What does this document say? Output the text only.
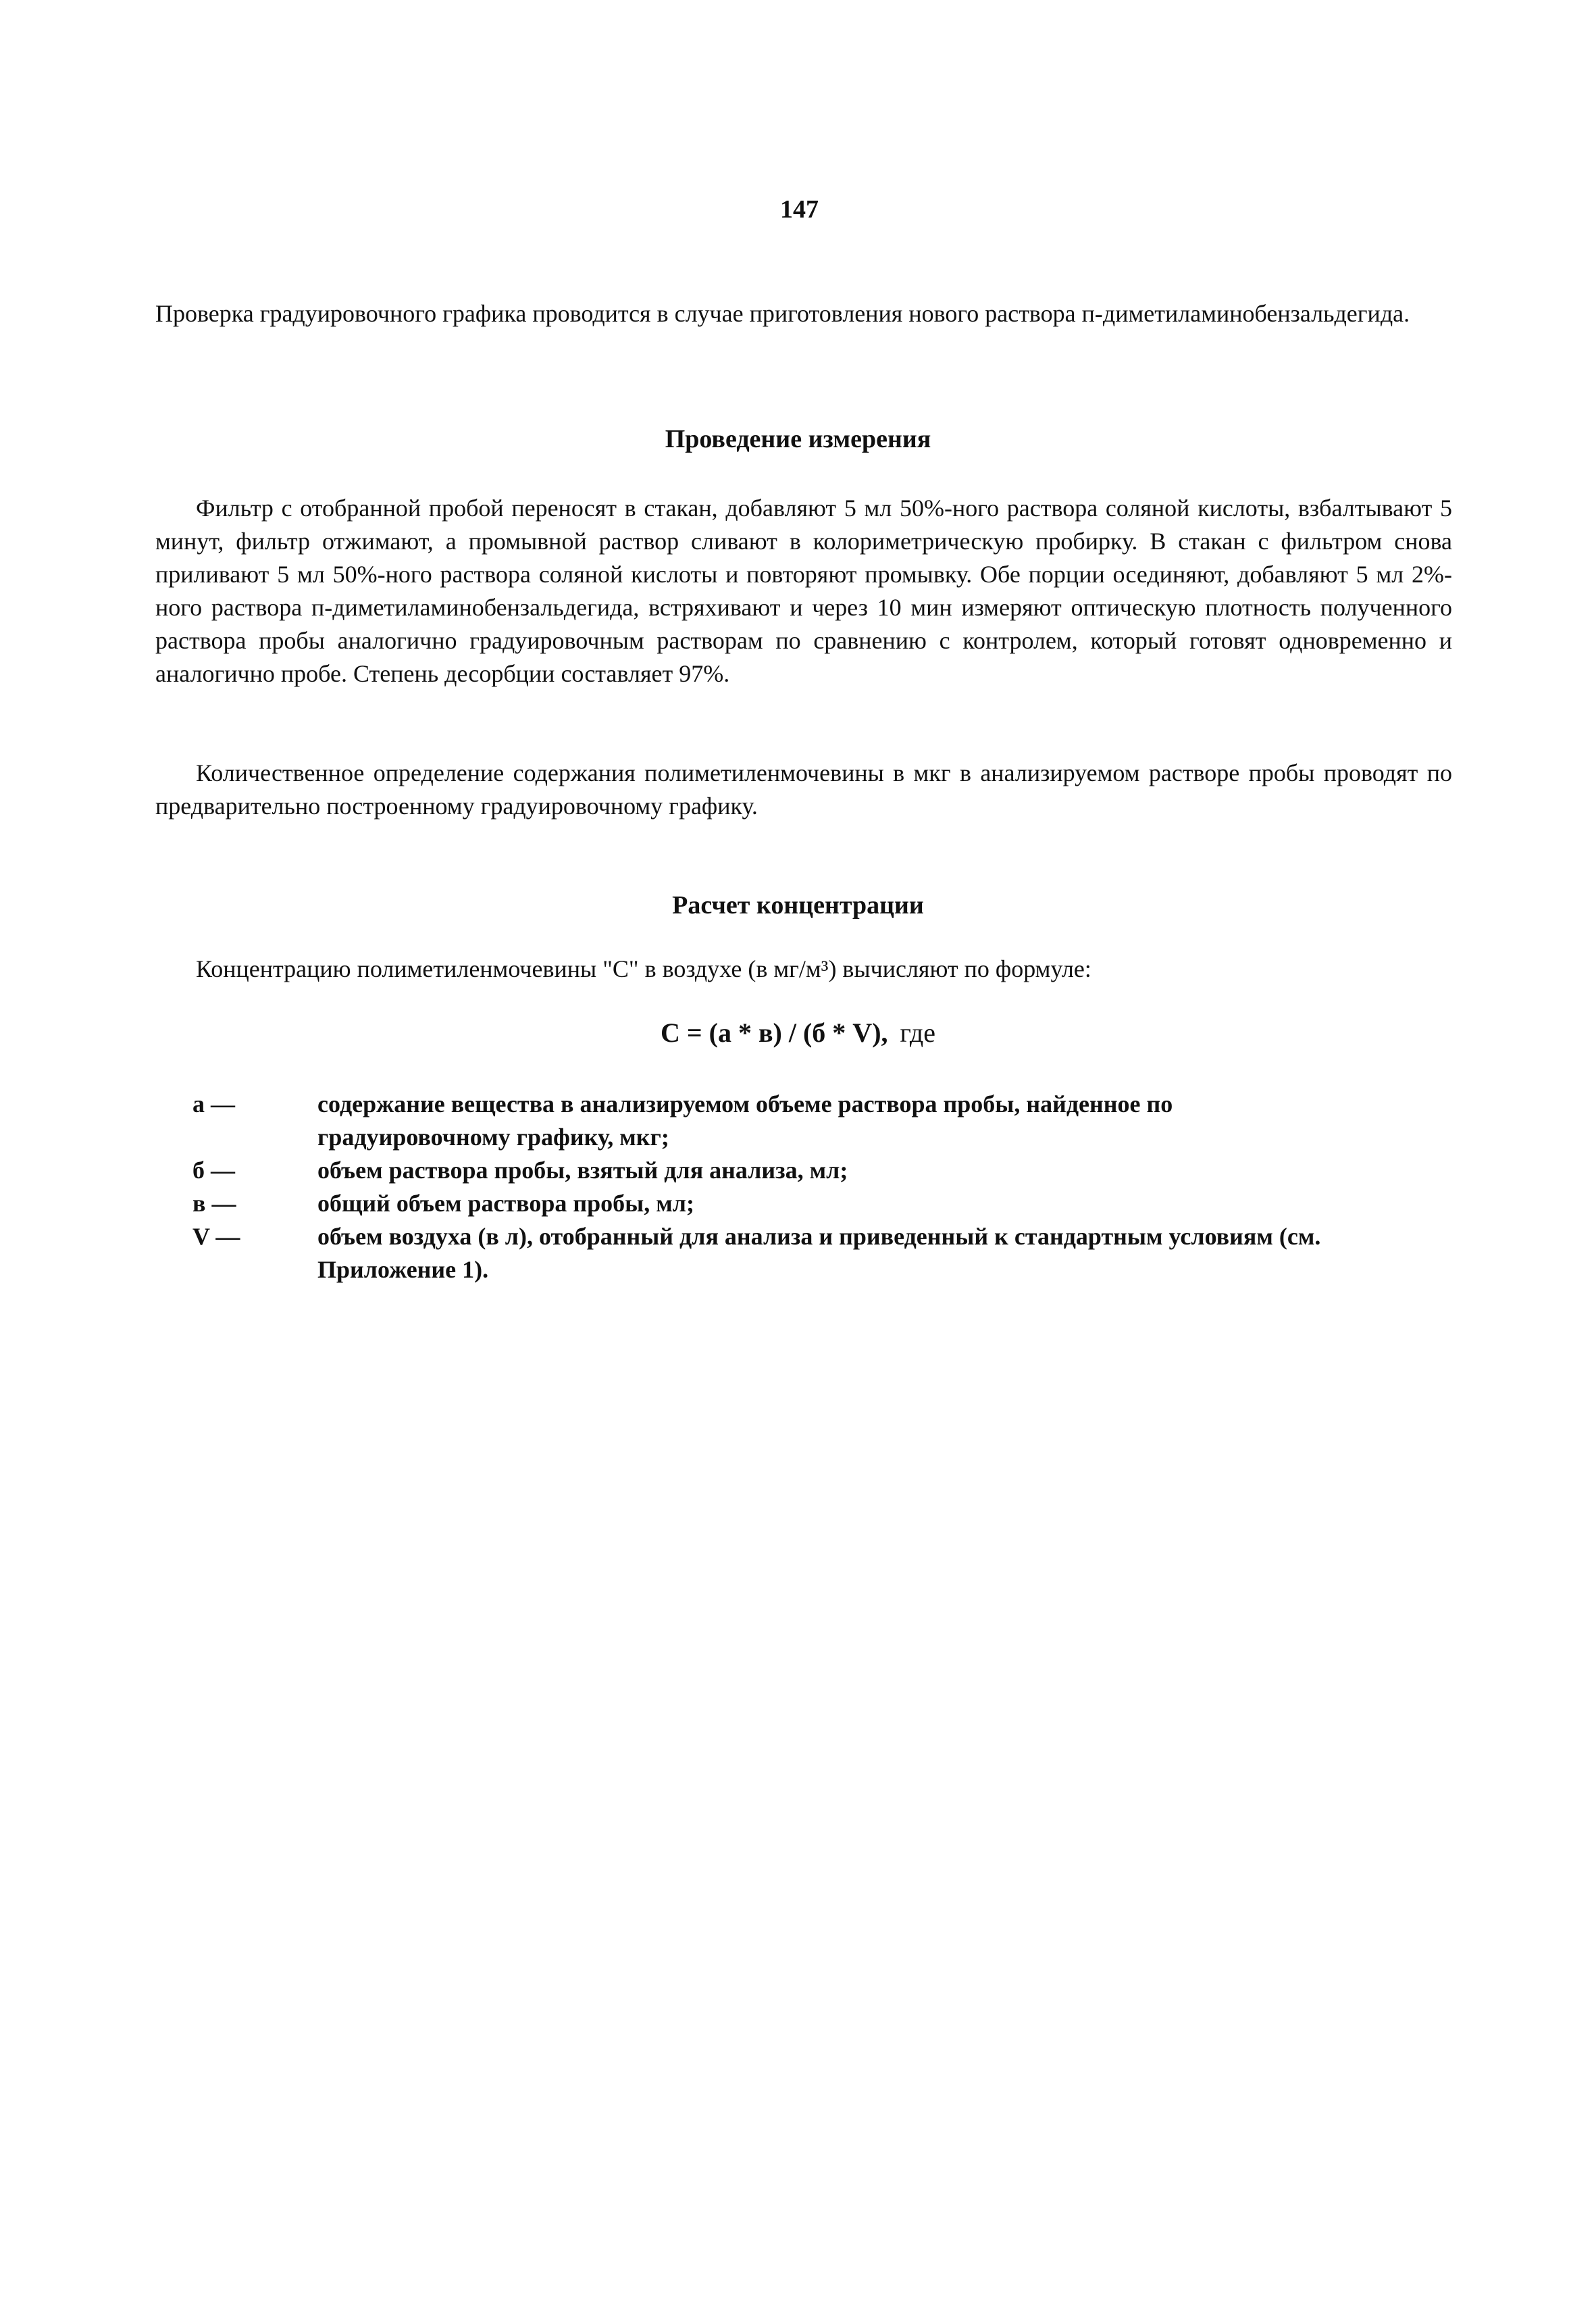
147

Проверка градуировочного графика проводится в случае приготовления нового раствора п-диметиламинобензальдегида.

Проведение измерения

Фильтр с отобранной пробой переносят в стакан, добавляют 5 мл 50%-ного раствора соляной кислоты, взбалтывают 5 минут, фильтр отжимают, а промывной раствор сливают в колориметрическую пробирку. В стакан с фильтром снова приливают 5 мл 50%-ного раствора соляной кислоты и повторяют промывку. Обе порции осединяют, добавляют 5 мл 2%-ного раствора п-диметиламинобензальдегида, встряхивают и через 10 мин измеряют оптическую плотность полученного раствора пробы аналогично градуировочным растворам по сравнению с контролем, который готовят одновременно и аналогично пробе. Степень десорбции составляет 97%.

Количественное определение содержания полиметиленмочевины в мкг в анализируемом растворе пробы проводят по предварительно построенному градуировочному графику.

Расчет концентрации

Концентрацию полиметиленмочевины "С" в воздухе (в мг/м³) вычисляют по формуле:

С = (а * в) / (б * V), где
а —	содержание вещества в анализируемом объеме раствора пробы, найденное по градуировочному графику, мкг;
б —	объем раствора пробы, взятый для анализа, мл;
в —	общий объем раствора пробы, мл;
V —	объем воздуха (в л), отобранный для анализа и приведенный к стандартным условиям (см. Приложение 1).
